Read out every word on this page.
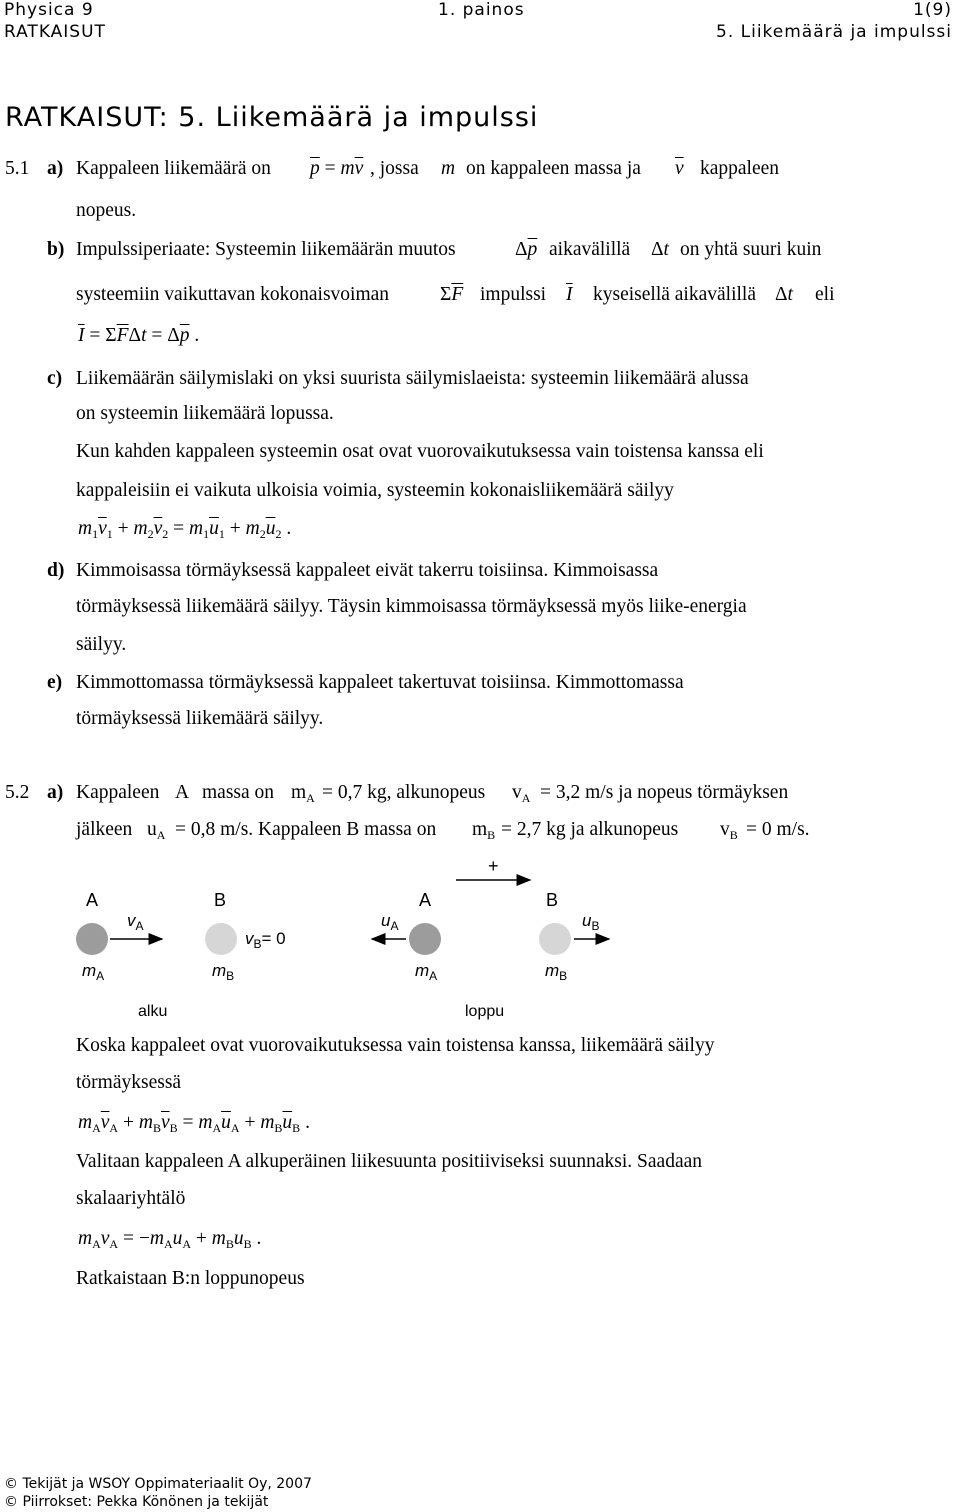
Physica 9	1. painos	1(9)
RATKAISUT	5. Liikemäärä ja impulssi
RATKAISUT: 5. Liikemäärä ja impulssi
5.1 a) Kappaleen liikemäärä on $\overline{p} = m\overline{v}$ , jossa m on kappaleen massa ja $\overline{v}$ kappaleen
nopeus.
b) Impulssiperiaate: Systeemin liikemäärän muutos	$\Delta\overline{p}$ aikavälillä Δt on yhtä suuri kuin
systeemiin vaikuttavan kokonaisvoiman	$\Sigma\overline{F}$ impulssi $\overline{I}$ kyseisellä aikavälillä Δt eli
$\overline{I} = \Sigma\overline{F}\Delta t = \Delta\overline{p}$ .
c) Liikemäärän säilymislaki on yksi suurista säilymislaeista: systeemin liikemäärä alussa
on systeemin liikemäärä lopussa.
Kun kahden kappaleen systeemin osat ovat vuorovaikutuksessa vain toistensa kanssa eli
kappaleisiin ei vaikuta ulkoisia voimia, systeemin kokonaisliikemäärä säilyy
$m_1\overline{v}_1 + m_2\overline{v}_2 = m_1\overline{u}_1 + m_2\overline{u}_2$ .
d) Kimmoisassa törmäyksessä kappaleet eivät takerru toisiinsa. Kimmoisassa
törmäyksessä liikemäärä säilyy. Täysin kimmoisassa törmäyksessä myös liike-energia
säilyy.
e) Kimmottomassa törmäyksessä kappaleet takertuvat toisiinsa. Kimmottomassa
törmäyksessä liikemäärä säilyy.
5.2 a) Kappaleen A massa on $m_A = 0,7$ kg, alkunopeus $v_A = 3,2$ m/s ja nopeus törmäyksen
jälkeen $u_A = 0,8$ m/s. Kappaleen B massa on $m_B = 2,7$ kg ja alkunopeus $v_B = 0$ m/s.
+
A
$v_A$
$m_A$
B
$v_B= 0$
$m_B$
A
$u_A$
$m_A$
B
$u_B$
$m_B$
alku	loppu
Koska kappaleet ovat vuorovaikutuksessa vain toistensa kanssa, liikemäärä säilyy
törmäyksessä
$m_A\overline{v}_A + m_B\overline{v}_B = m_A\overline{u}_A + m_B\overline{u}_B$ .
Valitaan kappaleen A alkuperäinen liikesuunta positiiviseksi suunnaksi. Saadaan
skalaariyhtälö
$m_Av_A = -m_Au_A + m_Bu_B$ .
Ratkaistaan B:n loppunopeus
© Tekijät ja WSOY Oppimateriaalit Oy, 2007
© Piirrokset: Pekka Könönen ja tekijät
